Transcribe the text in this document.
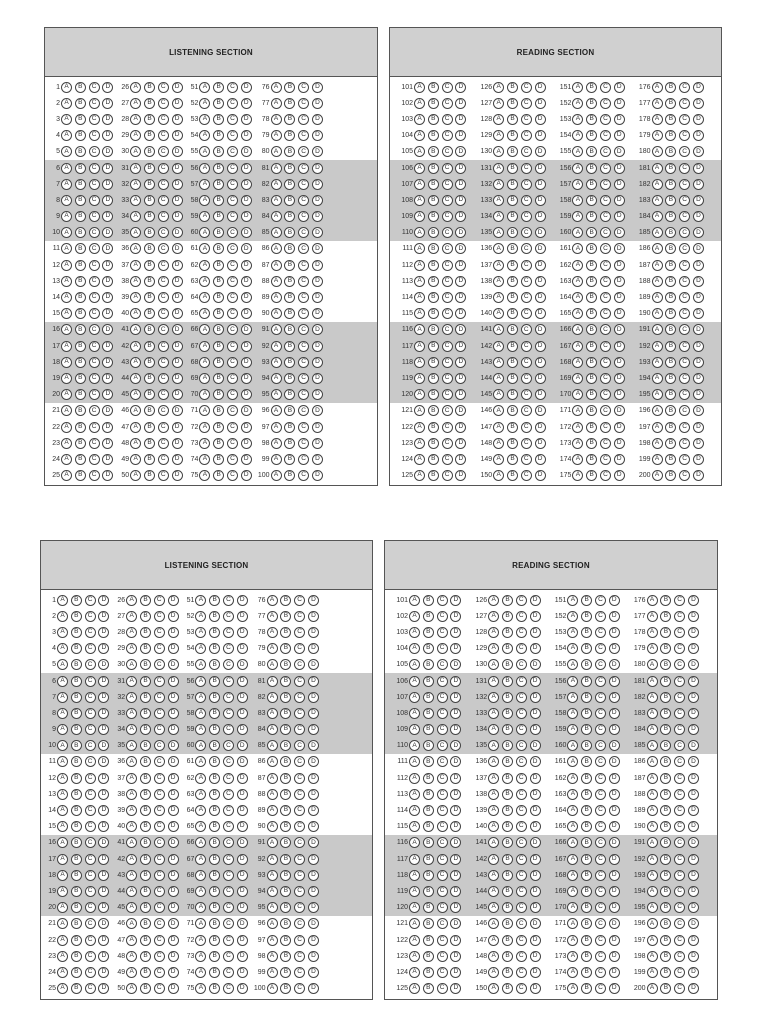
LISTENING SECTION
1 A	B	C	D	26 A	B	C	D	51 A	B	C	D	76 A	B	C	D
2 A	B	C	D	27 A	B	C	D	52 A	B	C	D	77 A	B	C	D
3 A	B	C	D	28 A	B	C	D	53 A	B	C	D	78 A	B	C	D
4 A	B	C	D	29 A	B	C	D	54 A	B	C	D	79 A	B	C	D
5 A	B	C	D	30 A	B	C	D	55 A	B	C	D	80 A	B	C	D
6 A	B	C	D	31 A	B	C	D	56 A	B	C	D	81 A	B	C	D
7 A	B	C	D	32 A	B	C	D	57 A	B	C	D	82 A	B	C	D
8 A	B	C	D	33 A	B	C	D	58 A	B	C	D	83 A	B	C	D
9 A	B	C	D	34 A	B	C	D	59 A	B	C	D	84 A	B	C	D
10 A	B	C	D	35 A	B	C	D	60 A	B	C	D	85 A	B	C	D
11 A	B	C	D	36 A	B	C	D	61 A	B	C	D	86 A	B	C	D
12 A	B	C	D	37 A	B	C	D	62 A	B	C	D	87 A	B	C	D
13 A	B	C	D	38 A	B	C	D	63 A	B	C	D	88 A	B	C	D
14 A	B	C	D	39 A	B	C	D	64 A	B	C	D	89 A	B	C	D
15 A	B	C	D	40 A	B	C	D	65 A	B	C	D	90 A	B	C	D
16 A	B	C	D	41 A	B	C	D	66 A	B	C	D	91 A	B	C	D
17 A	B	C	D	42 A	B	C	D	67 A	B	C	D	92 A	B	C	D
18 A	B	C	D	43 A	B	C	D	68 A	B	C	D	93 A	B	C	D
19 A	B	C	D	44 A	B	C	D	69 A	B	C	D	94 A	B	C	D
20 A	B	C	D	45 A	B	C	D	70 A	B	C	D	95 A	B	C	D
21 A	B	C	D	46 A	B	C	D	71 A	B	C	D	96 A	B	C	D
22 A	B	C	D	47 A	B	C	D	72 A	B	C	D	97 A	B	C	D
23 A	B	C	D	48 A	B	C	D	73 A	B	C	D	98 A	B	C	D
24 A	B	C	D	49 A	B	C	D	74 A	B	C	D	99 A	B	C	D
25 A	B	C	D	50 A	B	C	D	75 A	B	C	D	100 A	B	C	D
READING SECTION
101 A	B	C	D	126 A	B	C	D	151 A	B	C	D	176 A	B	C	D
102 A	B	C	D	127 A	B	C	D	152 A	B	C	D	177 A	B	C	D
103 A	B	C	D	128 A	B	C	D	153 A	B	C	D	178 A	B	C	D
104 A	B	C	D	129 A	B	C	D	154 A	B	C	D	179 A	B	C	D
105 A	B	C	D	130 A	B	C	D	155 A	B	C	D	180 A	B	C	D
106 A	B	C	D	131 A	B	C	D	156 A	B	C	D	181 A	B	C	D
107 A	B	C	D	132 A	B	C	D	157 A	B	C	D	182 A	B	C	D
108 A	B	C	D	133 A	B	C	D	158 A	B	C	D	183 A	B	C	D
109 A	B	C	D	134 A	B	C	D	159 A	B	C	D	184 A	B	C	D
110 A	B	C	D	135 A	B	C	D	160 A	B	C	D	185 A	B	C	D
111 A	B	C	D	136 A	B	C	D	161 A	B	C	D	186 A	B	C	D
112 A	B	C	D	137 A	B	C	D	162 A	B	C	D	187 A	B	C	D
113 A	B	C	D	138 A	B	C	D	163 A	B	C	D	188 A	B	C	D
114 A	B	C	D	139 A	B	C	D	164 A	B	C	D	189 A	B	C	D
115 A	B	C	D	140 A	B	C	D	165 A	B	C	D	190 A	B	C	D
116 A	B	C	D	141 A	B	C	D	166 A	B	C	D	191 A	B	C	D
117 A	B	C	D	142 A	B	C	D	167 A	B	C	D	192 A	B	C	D
118 A	B	C	D	143 A	B	C	D	168 A	B	C	D	193 A	B	C	D
119 A	B	C	D	144 A	B	C	D	169 A	B	C	D	194 A	B	C	D
120 A	B	C	D	145 A	B	C	D	170 A	B	C	D	195 A	B	C	D
121 A	B	C	D	146 A	B	C	D	171 A	B	C	D	196 A	B	C	D
122 A	B	C	D	147 A	B	C	D	172 A	B	C	D	197 A	B	C	D
123 A	B	C	D	148 A	B	C	D	173 A	B	C	D	198 A	B	C	D
124 A	B	C	D	149 A	B	C	D	174 A	B	C	D	199 A	B	C	D
125 A	B	C	D	150 A	B	C	D	175 A	B	C	D	200 A	B	C	D
LISTENING SECTION
1 A	B	C	D	26 A	B	C	D	51 A	B	C	D	76 A	B	C	D
2 A	B	C	D	27 A	B	C	D	52 A	B	C	D	77 A	B	C	D
3 A	B	C	D	28 A	B	C	D	53 A	B	C	D	78 A	B	C	D
4 A	B	C	D	29 A	B	C	D	54 A	B	C	D	79 A	B	C	D
5 A	B	C	D	30 A	B	C	D	55 A	B	C	D	80 A	B	C	D
6 A	B	C	D	31 A	B	C	D	56 A	B	C	D	81 A	B	C	D
7 A	B	C	D	32 A	B	C	D	57 A	B	C	D	82 A	B	C	D
8 A	B	C	D	33 A	B	C	D	58 A	B	C	D	83 A	B	C	D
9 A	B	C	D	34 A	B	C	D	59 A	B	C	D	84 A	B	C	D
10 A	B	C	D	35 A	B	C	D	60 A	B	C	D	85 A	B	C	D
11 A	B	C	D	36 A	B	C	D	61 A	B	C	D	86 A	B	C	D
12 A	B	C	D	37 A	B	C	D	62 A	B	C	D	87 A	B	C	D
13 A	B	C	D	38 A	B	C	D	63 A	B	C	D	88 A	B	C	D
14 A	B	C	D	39 A	B	C	D	64 A	B	C	D	89 A	B	C	D
15 A	B	C	D	40 A	B	C	D	65 A	B	C	D	90 A	B	C	D
16 A	B	C	D	41 A	B	C	D	66 A	B	C	D	91 A	B	C	D
17 A	B	C	D	42 A	B	C	D	67 A	B	C	D	92 A	B	C	D
18 A	B	C	D	43 A	B	C	D	68 A	B	C	D	93 A	B	C	D
19 A	B	C	D	44 A	B	C	D	69 A	B	C	D	94 A	B	C	D
20 A	B	C	D	45 A	B	C	D	70 A	B	C	D	95 A	B	C	D
21 A	B	C	D	46 A	B	C	D	71 A	B	C	D	96 A	B	C	D
22 A	B	C	D	47 A	B	C	D	72 A	B	C	D	97 A	B	C	D
23 A	B	C	D	48 A	B	C	D	73 A	B	C	D	98 A	B	C	D
24 A	B	C	D	49 A	B	C	D	74 A	B	C	D	99 A	B	C	D
25 A	B	C	D	50 A	B	C	D	75 A	B	C	D	100 A	B	C	D
READING SECTION
101 A	B	C	D	126 A	B	C	D	151 A	B	C	D	176 A	B	C	D
102 A	B	C	D	127 A	B	C	D	152 A	B	C	D	177 A	B	C	D
103 A	B	C	D	128 A	B	C	D	153 A	B	C	D	178 A	B	C	D
104 A	B	C	D	129 A	B	C	D	154 A	B	C	D	179 A	B	C	D
105 A	B	C	D	130 A	B	C	D	155 A	B	C	D	180 A	B	C	D
106 A	B	C	D	131 A	B	C	D	156 A	B	C	D	181 A	B	C	D
107 A	B	C	D	132 A	B	C	D	157 A	B	C	D	182 A	B	C	D
108 A	B	C	D	133 A	B	C	D	158 A	B	C	D	183 A	B	C	D
109 A	B	C	D	134 A	B	C	D	159 A	B	C	D	184 A	B	C	D
110 A	B	C	D	135 A	B	C	D	160 A	B	C	D	185 A	B	C	D
111 A	B	C	D	136 A	B	C	D	161 A	B	C	D	186 A	B	C	D
112 A	B	C	D	137 A	B	C	D	162 A	B	C	D	187 A	B	C	D
113 A	B	C	D	138 A	B	C	D	163 A	B	C	D	188 A	B	C	D
114 A	B	C	D	139 A	B	C	D	164 A	B	C	D	189 A	B	C	D
115 A	B	C	D	140 A	B	C	D	165 A	B	C	D	190 A	B	C	D
116 A	B	C	D	141 A	B	C	D	166 A	B	C	D	191 A	B	C	D
117 A	B	C	D	142 A	B	C	D	167 A	B	C	D	192 A	B	C	D
118 A	B	C	D	143 A	B	C	D	168 A	B	C	D	193 A	B	C	D
119 A	B	C	D	144 A	B	C	D	169 A	B	C	D	194 A	B	C	D
120 A	B	C	D	145 A	B	C	D	170 A	B	C	D	195 A	B	C	D
121 A	B	C	D	146 A	B	C	D	171 A	B	C	D	196 A	B	C	D
122 A	B	C	D	147 A	B	C	D	172 A	B	C	D	197 A	B	C	D
123 A	B	C	D	148 A	B	C	D	173 A	B	C	D	198 A	B	C	D
124 A	B	C	D	149 A	B	C	D	174 A	B	C	D	199 A	B	C	D
125 A	B	C	D	150 A	B	C	D	175 A	B	C	D	200 A	B	C	D
